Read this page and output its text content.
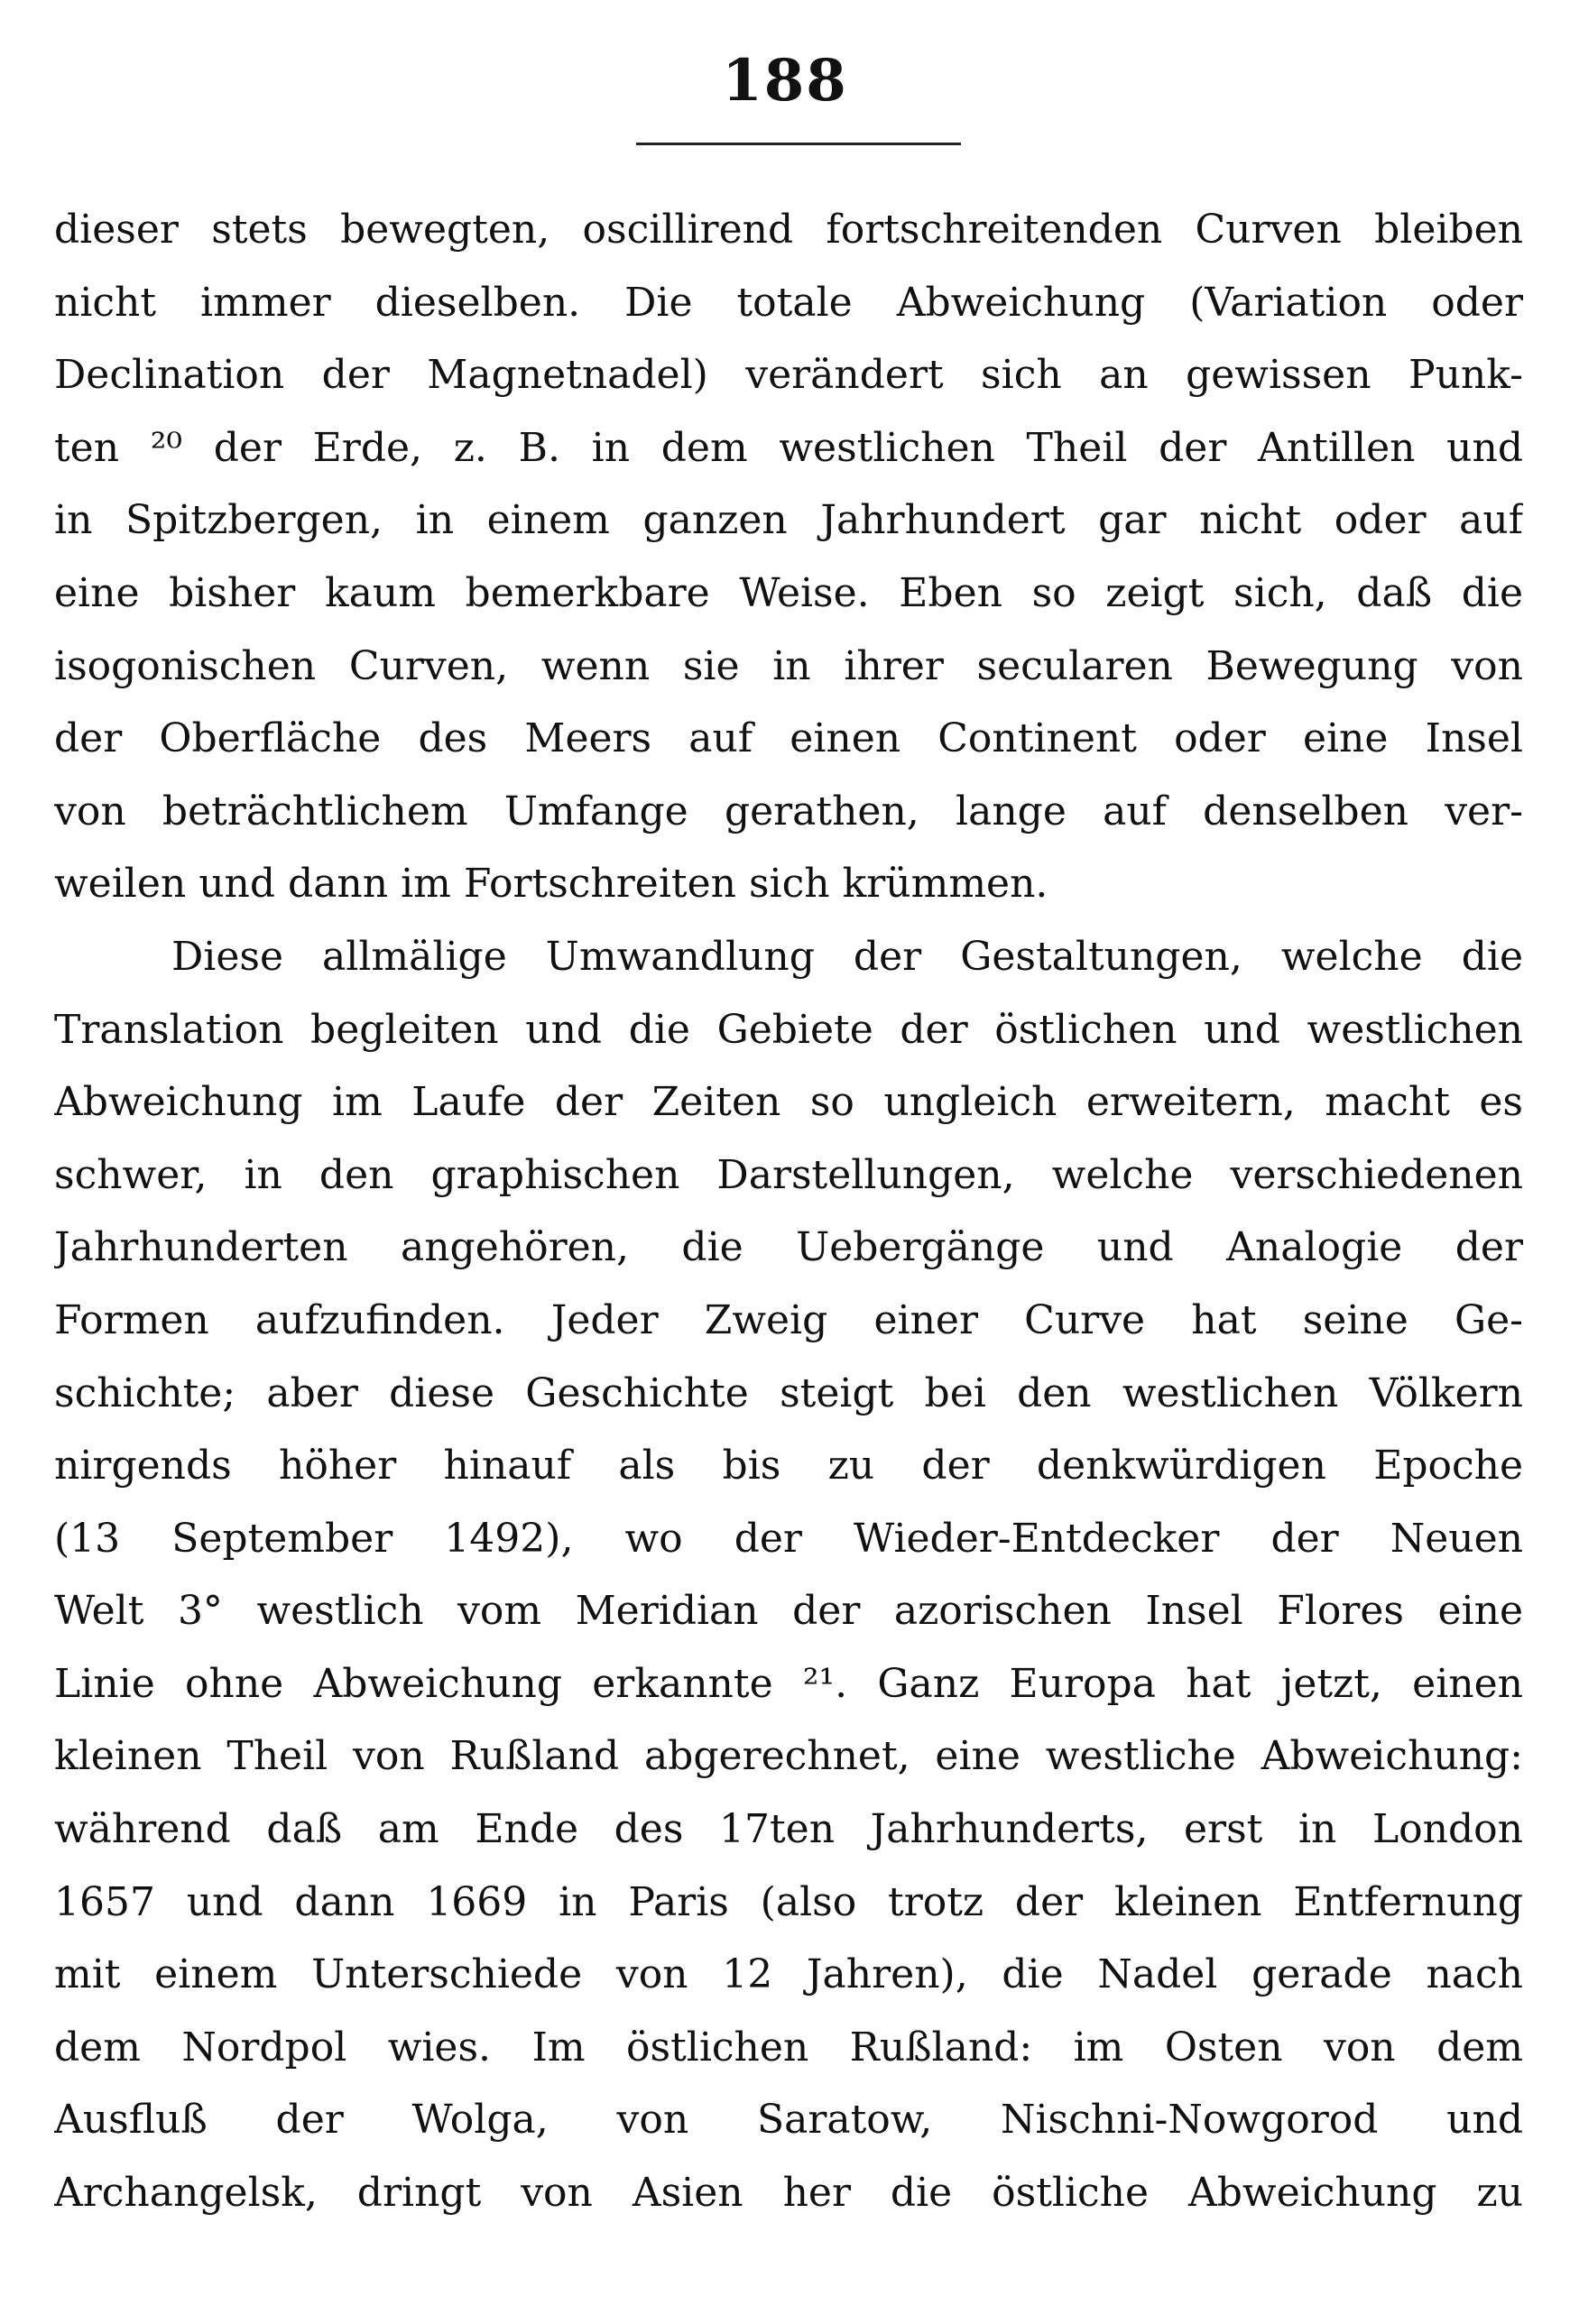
188
dieser stets bewegten, oscillirend fortschreitenden Curven bleiben
nicht immer dieselben. Die totale Abweichung (Variation oder
Declination der Magnetnadel) verändert sich an gewissen Punk-
ten ²⁰ der Erde, z. B. in dem westlichen Theil der Antillen und
in Spitzbergen, in einem ganzen Jahrhundert gar nicht oder auf
eine bisher kaum bemerkbare Weise. Eben so zeigt sich, daß die
isogonischen Curven, wenn sie in ihrer secularen Bewegung von
der Oberfläche des Meers auf einen Continent oder eine Insel
von beträchtlichem Umfange gerathen, lange auf denselben ver-
weilen und dann im Fortschreiten sich krümmen.
Diese allmälige Umwandlung der Gestaltungen, welche die
Translation begleiten und die Gebiete der östlichen und westlichen
Abweichung im Laufe der Zeiten so ungleich erweitern, macht es
schwer, in den graphischen Darstellungen, welche verschiedenen
Jahrhunderten angehören, die Uebergänge und Analogie der
Formen aufzufinden. Jeder Zweig einer Curve hat seine Ge-
schichte; aber diese Geschichte steigt bei den westlichen Völkern
nirgends höher hinauf als bis zu der denkwürdigen Epoche
(13 September 1492), wo der Wieder-Entdecker der Neuen
Welt 3° westlich vom Meridian der azorischen Insel Flores eine
Linie ohne Abweichung erkannte ²¹. Ganz Europa hat jetzt, einen
kleinen Theil von Rußland abgerechnet, eine westliche Abweichung:
während daß am Ende des 17ten Jahrhunderts, erst in London
1657 und dann 1669 in Paris (also trotz der kleinen Entfernung
mit einem Unterschiede von 12 Jahren), die Nadel gerade nach
dem Nordpol wies. Im östlichen Rußland: im Osten von dem
Ausfluß der Wolga, von Saratow, Nischni-Nowgorod und
Archangelsk, dringt von Asien her die östliche Abweichung zu
